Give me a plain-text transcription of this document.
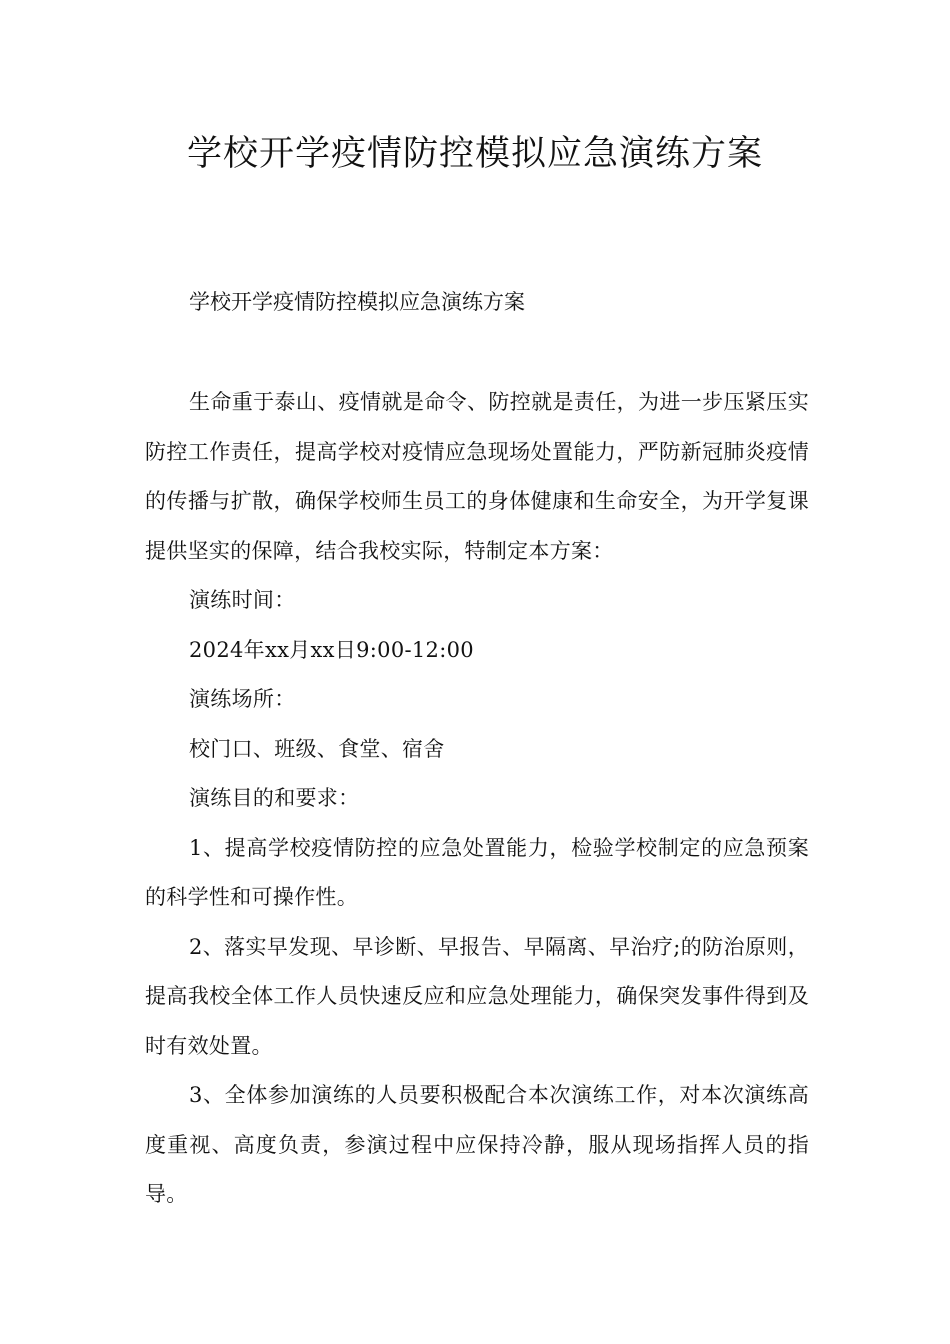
学校开学疫情防控模拟应急演练方案

学校开学疫情防控模拟应急演练方案

生命重于泰山、疫情就是命令、防控就是责任，为进一步压紧压实防控工作责任，提高学校对疫情应急现场处置能力，严防新冠肺炎疫情的传播与扩散，确保学校师生员工的身体健康和生命安全，为开学复课提供坚实的保障，结合我校实际，特制定本方案：

演练时间：

2024年xx月xx日9:00-12:00

演练场所：

校门口、班级、食堂、宿舍

演练目的和要求：

1、提高学校疫情防控的应急处置能力，检验学校制定的应急预案的科学性和可操作性。

2、落实早发现、早诊断、早报告、早隔离、早治疗;的防治原则，提高我校全体工作人员快速反应和应急处理能力，确保突发事件得到及时有效处置。

3、全体参加演练的人员要积极配合本次演练工作，对本次演练高度重视、高度负责，参演过程中应保持冷静，服从现场指挥人员的指导。
